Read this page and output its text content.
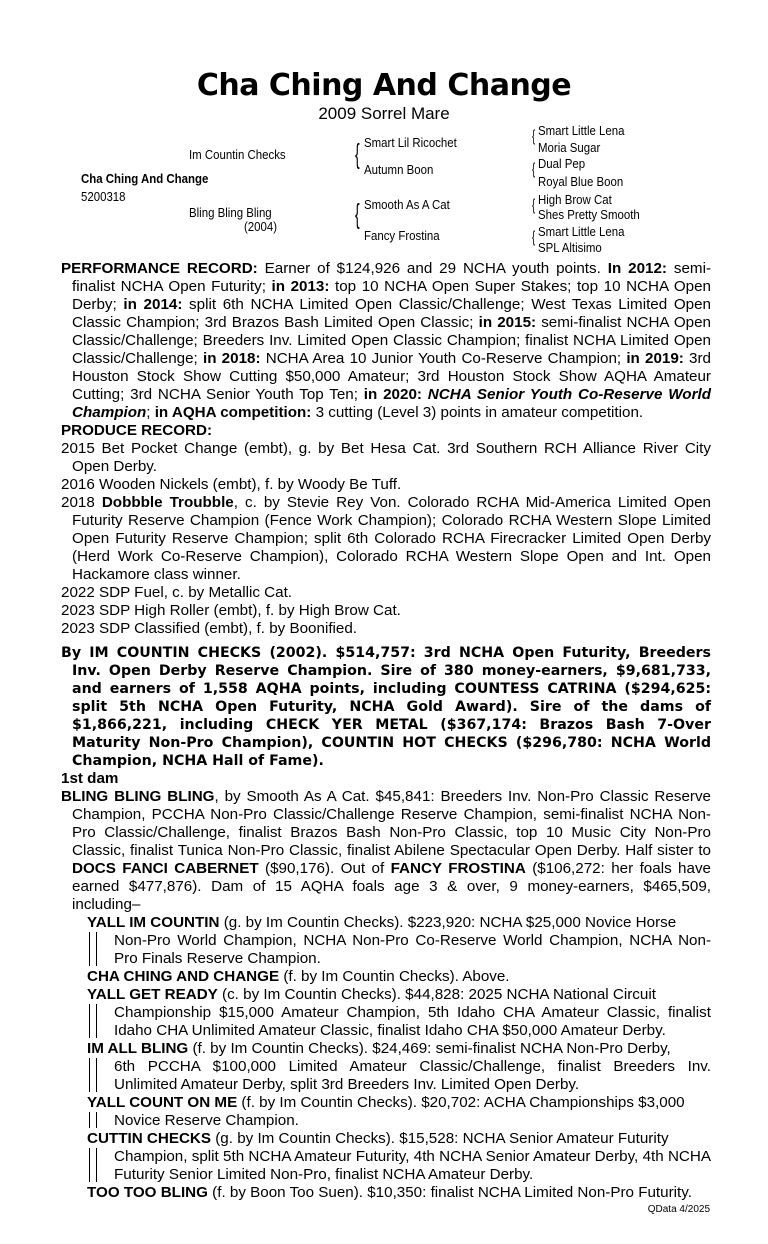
Cha Ching And Change
2009 Sorrel Mare
Cha Ching And Change
5200318
Im Countin Checks
Bling Bling Bling
(2004)
{ Smart Lil Ricochet
Autumn Boon
{ Smooth As A Cat
Fancy Frostina
{ Smart Little Lena
Moria Sugar
{ Dual Pep
Royal Blue Boon
{ High Brow Cat
Shes Pretty Smooth
{ Smart Little Lena
SPL Altisimo

PERFORMANCE RECORD: Earner of $124,926 and 29 NCHA youth points. In 2012: semi-finalist NCHA Open Futurity; in 2013: top 10 NCHA Open Super Stakes; top 10 NCHA Open Derby; in 2014: split 6th NCHA Limited Open Classic/Challenge; West Texas Limited Open Classic Champion; 3rd Brazos Bash Limited Open Classic; in 2015: semi-finalist NCHA Open Classic/Challenge; Breeders Inv. Limited Open Classic Champion; finalist NCHA Limited Open Classic/Challenge; in 2018: NCHA Area 10 Junior Youth Co-Reserve Champion; in 2019: 3rd Houston Stock Show Cutting $50,000 Amateur; 3rd Houston Stock Show AQHA Amateur Cutting; 3rd NCHA Senior Youth Top Ten; in 2020: NCHA Senior Youth Co-Reserve World Champion; in AQHA competition: 3 cutting (Level 3) points in amateur competition.

PRODUCE RECORD:

2015 Bet Pocket Change (embt), g. by Bet Hesa Cat. 3rd Southern RCH Alliance River City Open Derby.

2016 Wooden Nickels (embt), f. by Woody Be Tuff.

2018 Dobbble Troubble, c. by Stevie Rey Von. Colorado RCHA Mid-America Limited Open Futurity Reserve Champion (Fence Work Champion); Colorado RCHA Western Slope Limited Open Futurity Reserve Champion; split 6th Colorado RCHA Firecracker Limited Open Derby (Herd Work Co-Reserve Champion), Colorado RCHA Western Slope Open and Int. Open Hackamore class winner.

2022 SDP Fuel, c. by Metallic Cat.

2023 SDP High Roller (embt), f. by High Brow Cat.

2023 SDP Classified (embt), f. by Boonified.

By IM COUNTIN CHECKS (2002). $514,757: 3rd NCHA Open Futurity, Breeders Inv. Open Derby Reserve Champion. Sire of 380 money-earners, $9,681,733, and earners of 1,558 AQHA points, including COUNTESS CATRINA ($294,625: split 5th NCHA Open Futurity, NCHA Gold Award). Sire of the dams of $1,866,221, including CHECK YER METAL ($367,174: Brazos Bash 7-Over Maturity Non-Pro Champion), COUNTIN HOT CHECKS ($296,780: NCHA World Champion, NCHA Hall of Fame).

1st dam

BLING BLING BLING, by Smooth As A Cat. $45,841: Breeders Inv. Non-Pro Classic Reserve Champion, PCCHA Non-Pro Classic/Challenge Reserve Champion, semi-finalist NCHA Non-Pro Classic/Challenge, finalist Brazos Bash Non-Pro Classic, top 10 Music City Non-Pro Classic, finalist Tunica Non-Pro Classic, finalist Abilene Spectacular Open Derby. Half sister to DOCS FANCI CABERNET ($90,176). Out of FANCY FROSTINA ($106,272: her foals have earned $477,876). Dam of 15 AQHA foals age 3 & over, 9 money-earners, $465,509, including–

YALL IM COUNTIN (g. by Im Countin Checks). $223,920: NCHA $25,000 Novice Horse
Non-Pro World Champion, NCHA Non-Pro Co-Reserve World Champion, NCHA Non-Pro Finals Reserve Champion.
CHA CHING AND CHANGE (f. by Im Countin Checks). Above.
YALL GET READY (c. by Im Countin Checks). $44,828: 2025 NCHA National Circuit
Championship $15,000 Amateur Champion, 5th Idaho CHA Amateur Classic, finalist Idaho CHA Unlimited Amateur Classic, finalist Idaho CHA $50,000 Amateur Derby.
IM ALL BLING (f. by Im Countin Checks). $24,469: semi-finalist NCHA Non-Pro Derby,
6th PCCHA $100,000 Limited Amateur Classic/Challenge, finalist Breeders Inv. Unlimited Amateur Derby, split 3rd Breeders Inv. Limited Open Derby.
YALL COUNT ON ME (f. by Im Countin Checks). $20,702: ACHA Championships $3,000
Novice Reserve Champion.
CUTTIN CHECKS (g. by Im Countin Checks). $15,528: NCHA Senior Amateur Futurity
Champion, split 5th NCHA Amateur Futurity, 4th NCHA Senior Amateur Derby, 4th NCHA Futurity Senior Limited Non-Pro, finalist NCHA Amateur Derby.
TOO TOO BLING (f. by Boon Too Suen). $10,350: finalist NCHA Limited Non-Pro Futurity.
QData 4/2025
